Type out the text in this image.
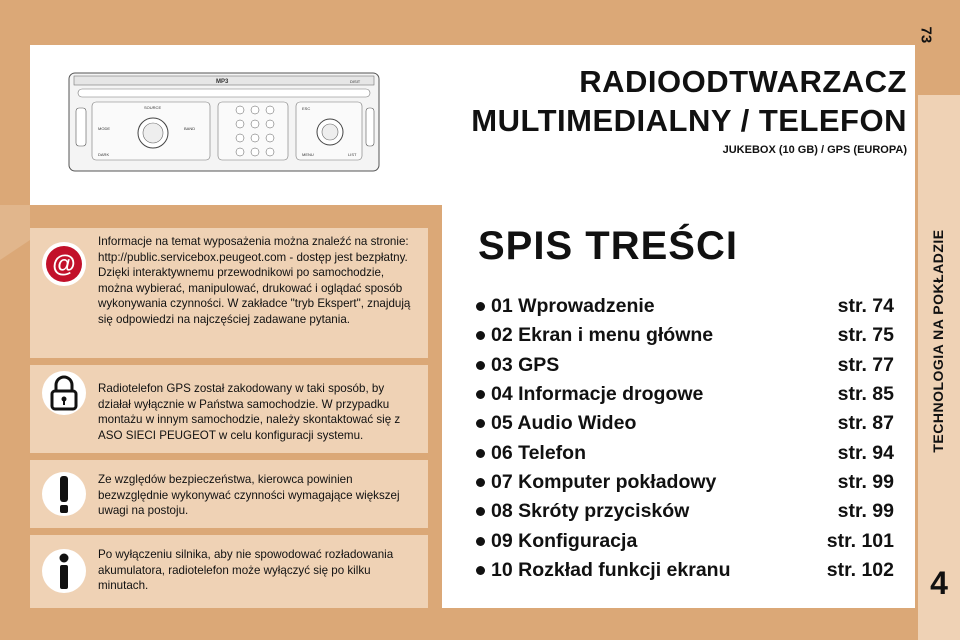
MP3	DISIT
SOURCE
MODE	BAND
DARK
ESC
MENU	LIST
RADIOODTWARZACZ
MULTIMEDIALNY / TELEFON
JUKEBOX (10 GB) / GPS (EUROPA)
73
TECHNOLOGIA NA POKŁADZIE
4
@
Informacje na temat wyposażenia można znaleźć na stronie: http://public.servicebox.peugeot.com - dostęp jest bezpłatny. Dzięki interaktywnemu przewodnikowi po samochodzie, można wybierać, manipulować, drukować i oglądać sposób wykonywania czynności. W zakładce "tryb Ekspert", znajdują się odpowiedzi na najczęściej zadawane pytania.
Radiotelefon GPS został zakodowany w taki sposób, by działał wyłącznie w Państwa samochodzie. W przypadku montażu w innym samochodzie, należy skontaktować się z ASO SIECI PEUGEOT w celu konfiguracji systemu.
Ze względów bezpieczeństwa, kierowca powinien bezwzględnie wykonywać czynności wymagające większej uwagi na postoju.
Po wyłączeniu silnika, aby nie spowodować rozładowania akumulatora, radiotelefon może wyłączyć się po kilku minutach.
SPIS TREŚCI
01 Wprowadzenie	str. 74
02 Ekran i menu główne	str. 75
03 GPS	str. 77
04 Informacje drogowe	str. 85
05 Audio Wideo	str. 87
06 Telefon	str. 94
07 Komputer pokładowy	str. 99
08 Skróty przycisków	str. 99
09 Konfiguracja	str. 101
10 Rozkład funkcji ekranu	str. 102
